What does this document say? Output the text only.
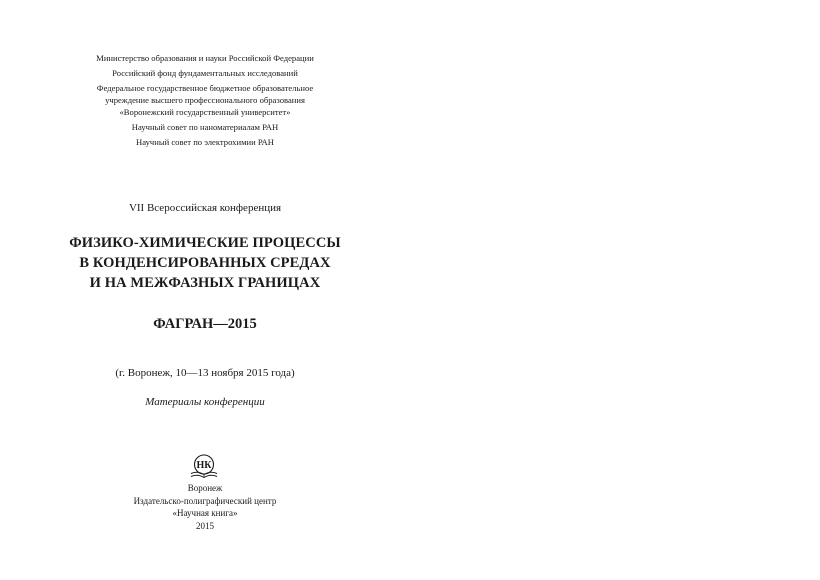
Министерство образования и науки Российской Федерации
Российский фонд фундаментальных исследований
Федеральное государственное бюджетное образовательное
учреждение высшего профессионального образования
«Воронежский государственный университет»
Научный совет по наноматериалам РАН
Научный совет по электрохимии РАН
VII Всероссийская конференция
ФИЗИКО-ХИМИЧЕСКИЕ ПРОЦЕССЫ
В КОНДЕНСИРОВАННЫХ СРЕДАХ
И НА МЕЖФАЗНЫХ ГРАНИЦАХ
ФАГРАН—2015
(г. Воронеж, 10—13 ноября 2015 года)
Материалы конференции
НК
Воронеж
Издательско-полиграфический центр
«Научная книга»
2015
